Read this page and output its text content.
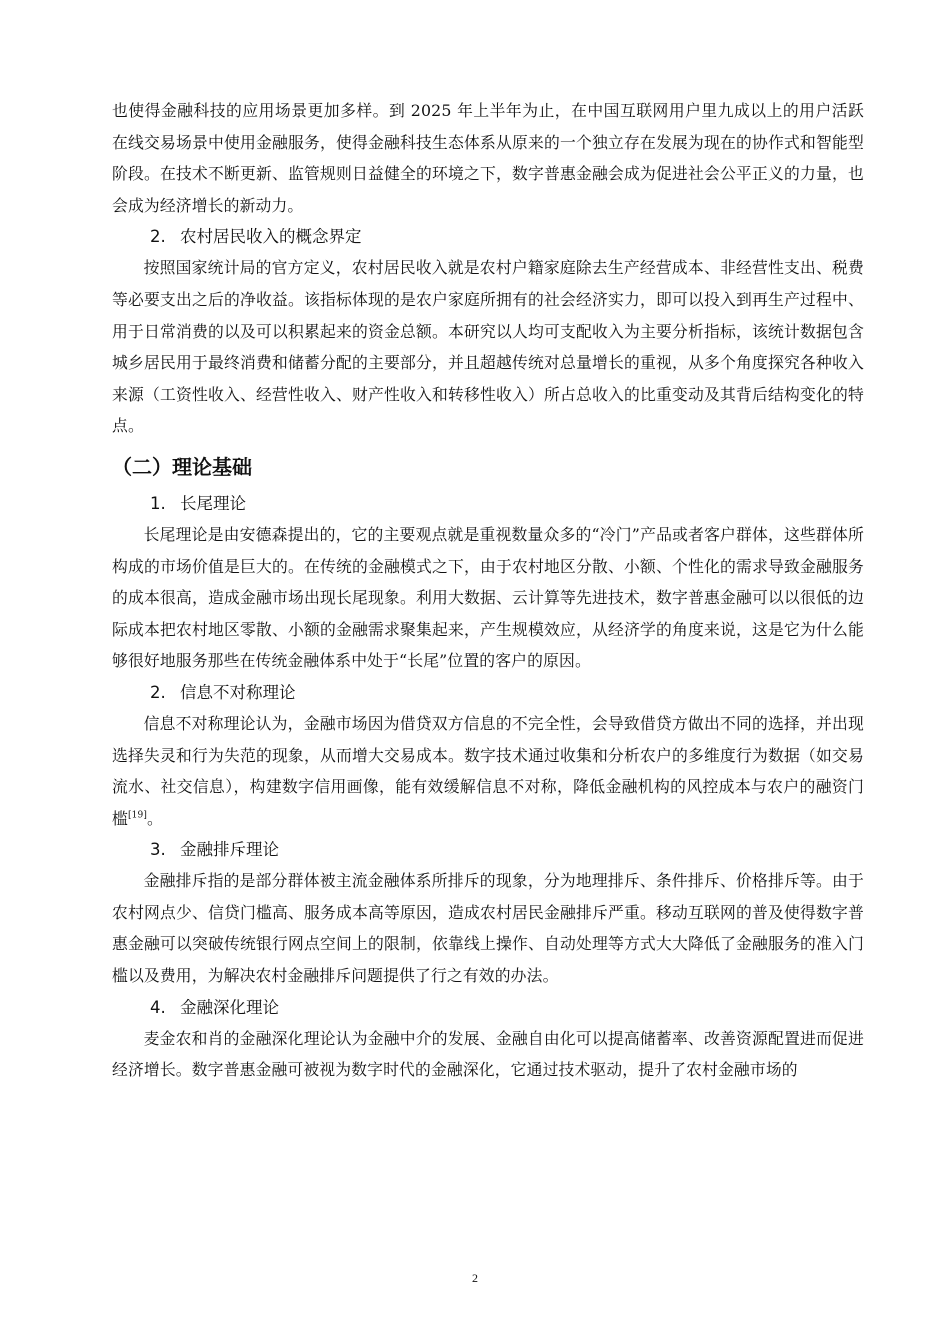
也使得金融科技的应用场景更加多样。到 2025 年上半年为止，在中国互联网用户里九成以上的用户活跃在线交易场景中使用金融服务，使得金融科技生态体系从原来的一个独立存在发展为现在的协作式和智能型阶段。在技术不断更新、监管规则日益健全的环境之下，数字普惠金融会成为促进社会公平正义的力量，也会成为经济增长的新动力。

2. 农村居民收入的概念界定

按照国家统计局的官方定义，农村居民收入就是农村户籍家庭除去生产经营成本、非经营性支出、税费等必要支出之后的净收益。该指标体现的是农户家庭所拥有的社会经济实力，即可以投入到再生产过程中、用于日常消费的以及可以积累起来的资金总额。本研究以人均可支配收入为主要分析指标，该统计数据包含城乡居民用于最终消费和储蓄分配的主要部分，并且超越传统对总量增长的重视，从多个角度探究各种收入来源（工资性收入、经营性收入、财产性收入和转移性收入）所占总收入的比重变动及其背后结构变化的特点。

（二）理论基础
1. 长尾理论

长尾理论是由安德森提出的，它的主要观点就是重视数量众多的“冷门”产品或者客户群体，这些群体所构成的市场价值是巨大的。在传统的金融模式之下，由于农村地区分散、小额、个性化的需求导致金融服务的成本很高，造成金融市场出现长尾现象。利用大数据、云计算等先进技术，数字普惠金融可以以很低的边际成本把农村地区零散、小额的金融需求聚集起来，产生规模效应，从经济学的角度来说，这是它为什么能够很好地服务那些在传统金融体系中处于“长尾”位置的客户的原因。

2. 信息不对称理论

信息不对称理论认为，金融市场因为借贷双方信息的不完全性，会导致借贷方做出不同的选择，并出现选择失灵和行为失范的现象，从而增大交易成本。数字技术通过收集和分析农户的多维度行为数据（如交易流水、社交信息），构建数字信用画像，能有效缓解信息不对称，降低金融机构的风控成本与农户的融资门槛[19]。

3. 金融排斥理论

金融排斥指的是部分群体被主流金融体系所排斥的现象，分为地理排斥、条件排斥、价格排斥等。由于农村网点少、信贷门槛高、服务成本高等原因，造成农村居民金融排斥严重。移动互联网的普及使得数字普惠金融可以突破传统银行网点空间上的限制，依靠线上操作、自动处理等方式大大降低了金融服务的准入门槛以及费用，为解决农村金融排斥问题提供了行之有效的办法。

4. 金融深化理论

麦金农和肖的金融深化理论认为金融中介的发展、金融自由化可以提高储蓄率、改善资源配置进而促进经济增长。数字普惠金融可被视为数字时代的金融深化，它通过技术驱动，提升了农村金融市场的

2
